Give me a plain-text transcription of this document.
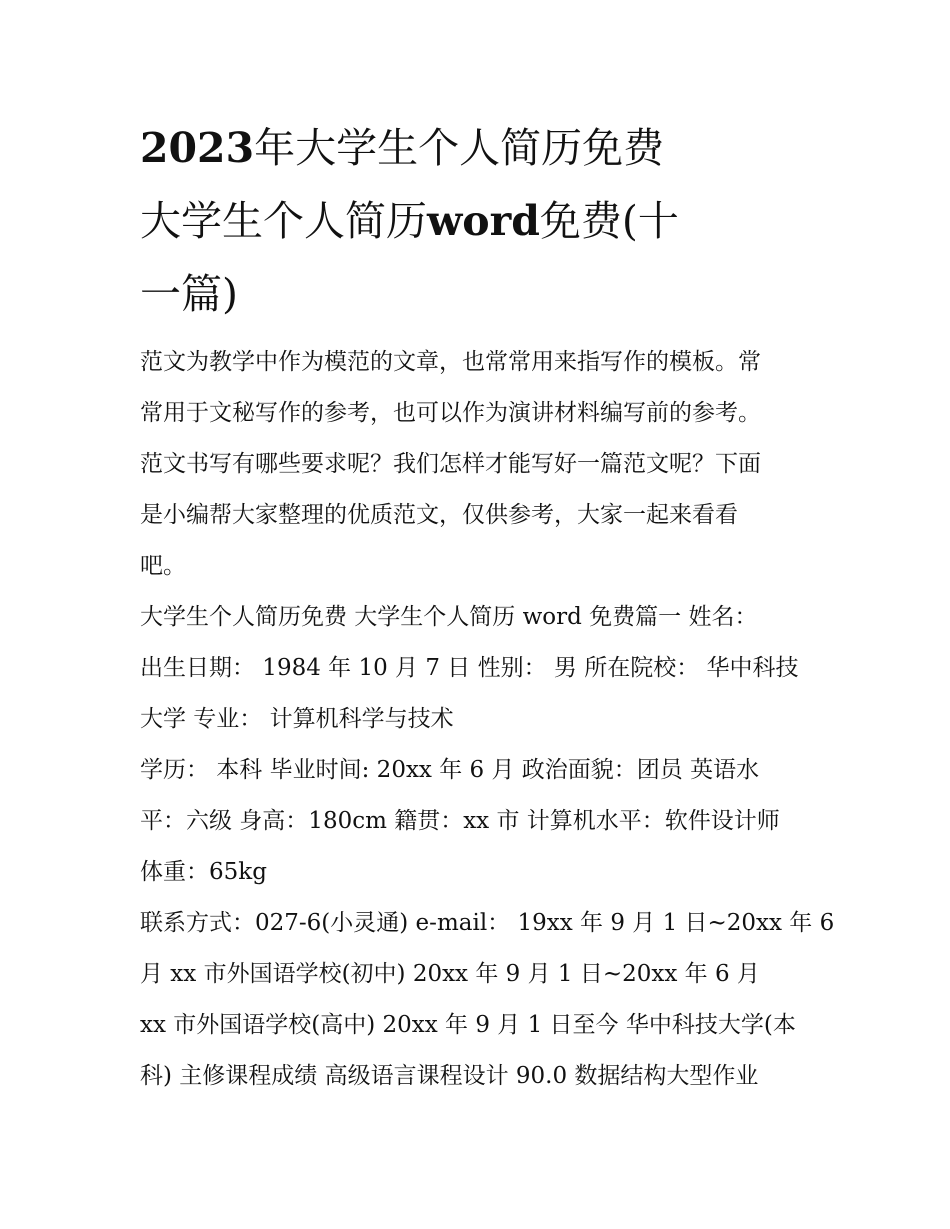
2023年大学生个人简历免费
大学生个人简历word免费(十
一篇)

范文为教学中作为模范的文章，也常常用来指写作的模板。常
常用于文秘写作的参考，也可以作为演讲材料编写前的参考。
范文书写有哪些要求呢？我们怎样才能写好一篇范文呢？下面
是小编帮大家整理的优质范文，仅供参考，大家一起来看看
吧。

大学生个人简历免费 大学生个人简历 word 免费篇一 姓名：
出生日期： 1984 年 10 月 7 日 性别： 男 所在院校： 华中科技
大学 专业： 计算机科学与技术

学历： 本科 毕业时间: 20xx 年 6 月 政治面貌：团员 英语水
平：六级 身高：180cm 籍贯：xx 市 计算机水平：软件设计师
体重：65kg

联系方式：027-6(小灵通) e-mail： 19xx 年 9 月 1 日~20xx 年 6
月 xx 市外国语学校(初中) 20xx 年 9 月 1 日~20xx 年 6 月
xx 市外国语学校(高中) 20xx 年 9 月 1 日至今 华中科技大学(本
科) 主修课程成绩 高级语言课程设计 90.0 数据结构大型作业
